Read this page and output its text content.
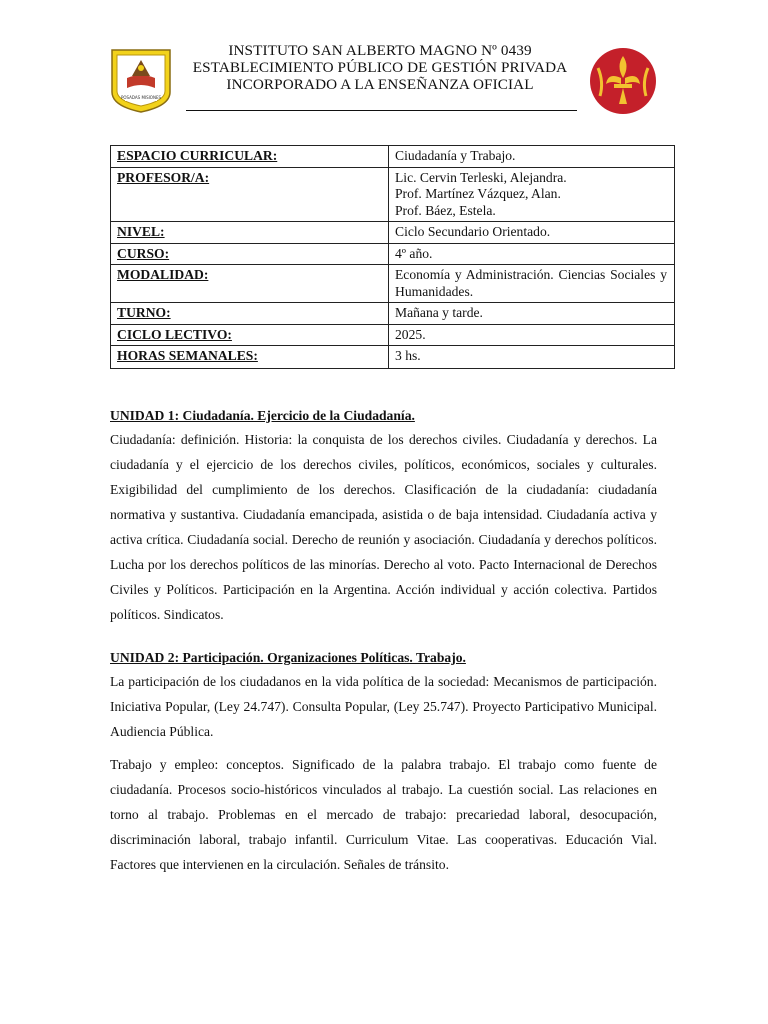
POSADAS MISIONES
INSTITUTO SAN ALBERTO MAGNO Nº 0439
ESTABLECIMIENTO PÚBLICO DE GESTIÓN PRIVADA
INCORPORADO A LA ENSEÑANZA OFICIAL
ESPACIO CURRICULAR:	Ciudadanía y Trabajo.
PROFESOR/A:	Lic. Cervin Terleski, Alejandra.
Prof. Martínez Vázquez, Alan.
Prof. Báez, Estela.

NIVEL:	Ciclo Secundario Orientado.
CURSO:	4º año.
MODALIDAD:	Economía y Administración. Ciencias Sociales y Humanidades.
TURNO:	Mañana y tarde.
CICLO LECTIVO:	2025.
HORAS SEMANALES:	3 hs.
UNIDAD 1: Ciudadanía. Ejercicio de la Ciudadanía.

Ciudadanía: definición. Historia: la conquista de los derechos civiles. Ciudadanía y derechos. La ciudadanía y el ejercicio de los derechos civiles, políticos, económicos, sociales y culturales. Exigibilidad del cumplimiento de los derechos. Clasificación de la ciudadanía: ciudadanía normativa y sustantiva. Ciudadanía emancipada, asistida o de baja intensidad. Ciudadanía activa y activa crítica. Ciudadanía social. Derecho de reunión y asociación. Ciudadanía y derechos políticos. Lucha por los derechos políticos de las minorías. Derecho al voto. Pacto Internacional de Derechos Civiles y Políticos. Participación en la Argentina. Acción individual y acción colectiva. Partidos políticos. Sindicatos.

UNIDAD 2: Participación. Organizaciones Políticas. Trabajo.

La participación de los ciudadanos en la vida política de la sociedad: Mecanismos de participación. Iniciativa Popular, (Ley 24.747). Consulta Popular, (Ley 25.747). Proyecto Participativo Municipal. Audiencia Pública.

Trabajo y empleo: conceptos. Significado de la palabra trabajo. El trabajo como fuente de ciudadanía. Procesos socio-históricos vinculados al trabajo. La cuestión social. Las relaciones en torno al trabajo. Problemas en el mercado de trabajo: precariedad laboral, desocupación, discriminación laboral, trabajo infantil. Curriculum Vitae. Las cooperativas. Educación Vial. Factores que intervienen en la circulación. Señales de tránsito.
